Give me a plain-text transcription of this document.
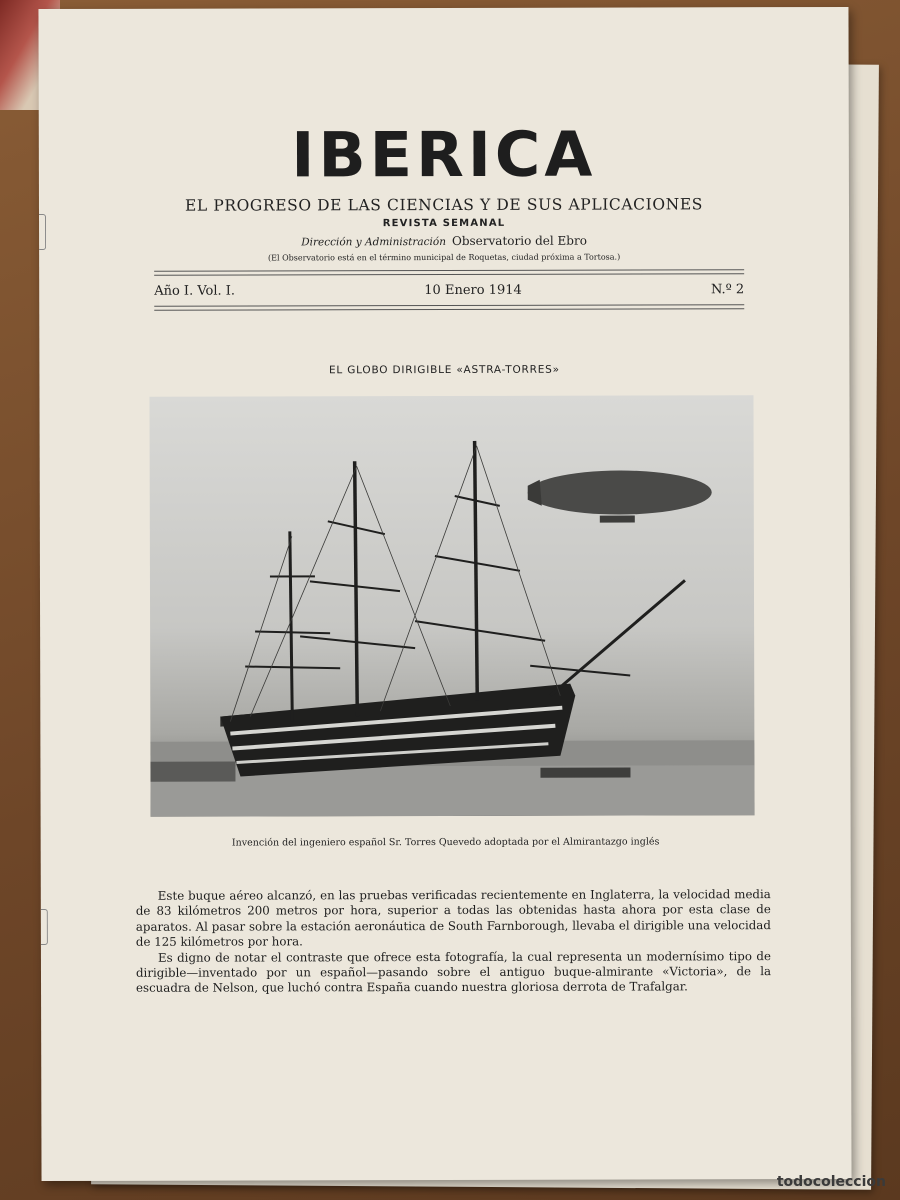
IBERICA
EL PROGRESO DE LAS CIENCIAS Y DE SUS APLICACIONES
REVISTA SEMANAL
Dirección y Administración Observatorio del Ebro
(El Observatorio está en el término municipal de Roquetas, ciudad próxima a Tortosa.)
Año I. Vol. I.	10 Enero 1914	N.º 2
EL GLOBO DIRIGIBLE «ASTRA-TORRES»
Invención del ingeniero español Sr. Torres Quevedo adoptada por el Almirantazgo inglés

Este buque aéreo alcanzó, en las pruebas verificadas recientemente en Inglaterra, la velocidad media de 83 kilómetros 200 metros por hora, superior a todas las obtenidas hasta ahora por esta clase de aparatos. Al pasar sobre la estación aeronáutica de South Farnborough, llevaba el dirigible una velocidad de 125 kilómetros por hora.

Es digno de notar el contraste que ofrece esta fotografía, la cual representa un modernísimo tipo de dirigible—inventado por un español—pasando sobre el antiguo buque-almirante «Victoria», de la escuadra de Nelson, que luchó contra España cuando nuestra gloriosa derrota de Trafalgar.

todocoleccion
